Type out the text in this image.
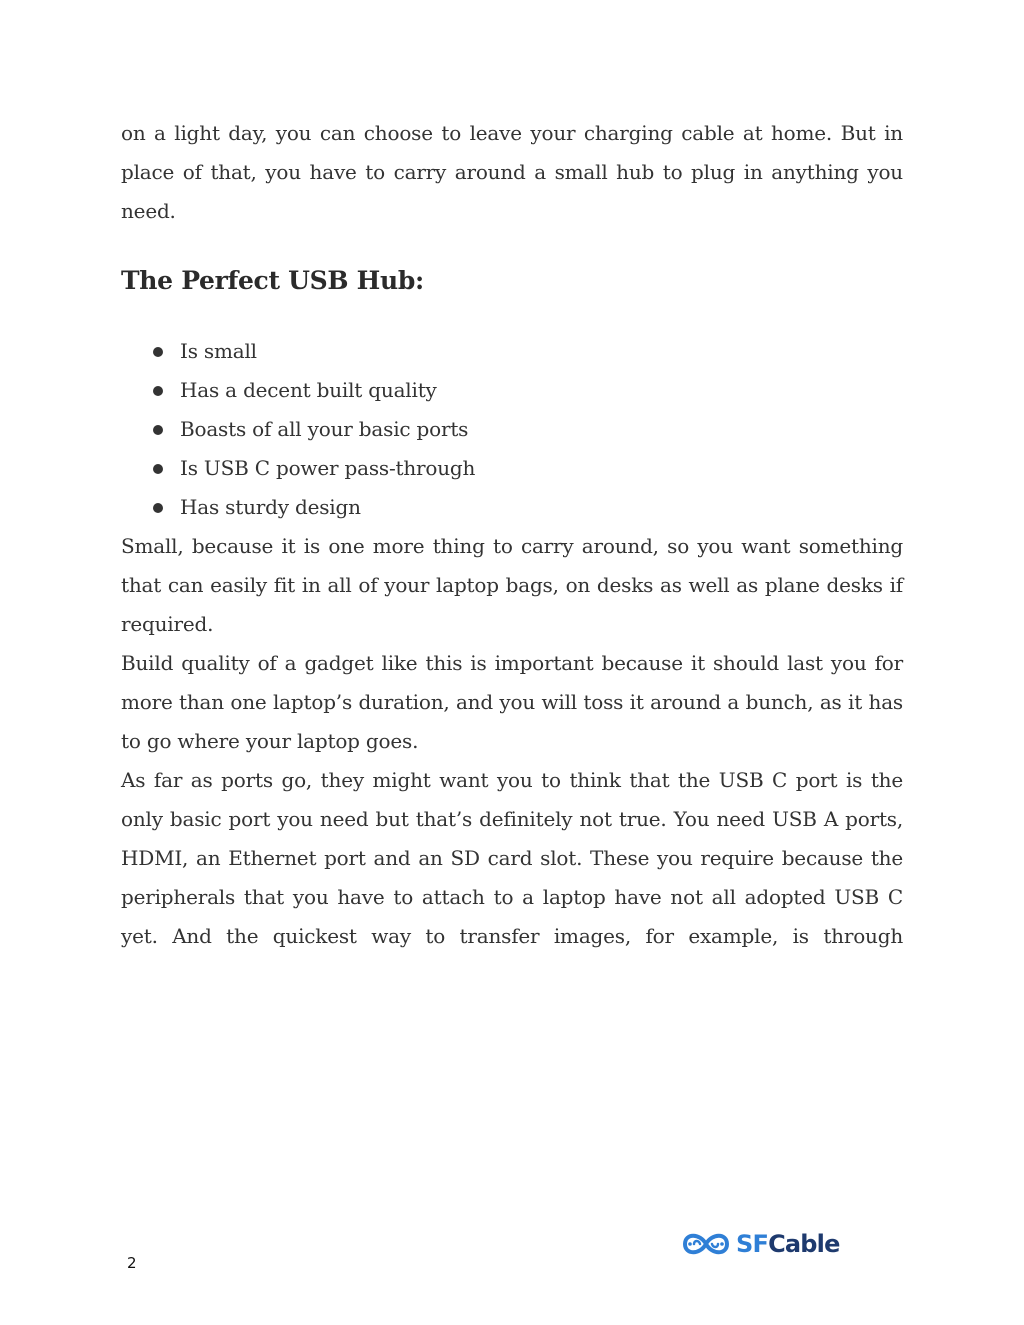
on a light day, you can choose to leave your charging cable at home. But in place of that, you have to carry around a small hub to plug in anything you need.

The Perfect USB Hub:
Is small
Has a decent built quality
Boasts of all your basic ports
Is USB C power pass-through
Has sturdy design

Small, because it is one more thing to carry around, so you want something that can easily fit in all of your laptop bags, on desks as well as plane desks if required.

Build quality of a gadget like this is important because it should last you for more than one laptop’s duration, and you will toss it around a bunch, as it has to go where your laptop goes.

As far as ports go, they might want you to think that the USB C port is the only basic port you need but that’s definitely not true. You need USB A ports, HDMI, an Ethernet port and an SD card slot. These you require because the peripherals that you have to attach to a laptop have not all adopted USB C yet. And the quickest way to transfer images, for example, is through

2
SFCable
